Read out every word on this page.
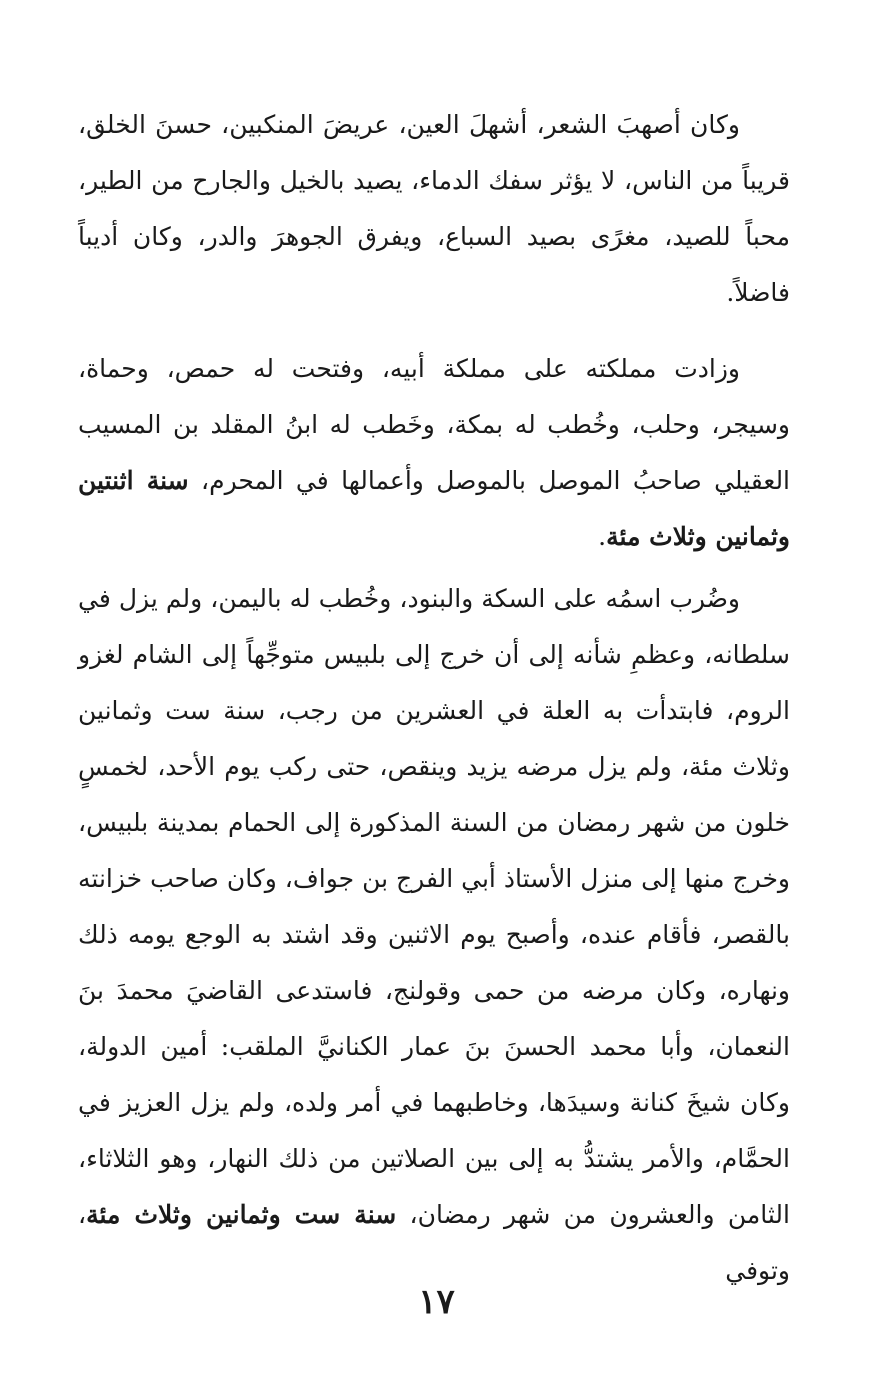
وكان أصهبَ الشعر، أشهلَ العين، عريضَ المنكبين، حسنَ الخلق، قريباً من الناس، لا يؤثر سفك الدماء، يصيد بالخيل والجارح من الطير، محباً للصيد، مغرًى بصيد السباع، ويفرق الجوهرَ والدر، وكان أديباً فاضلاً.

وزادت مملكته على مملكة أبيه، وفتحت له حمص، وحماة، وسيجر، وحلب، وخُطب له بمكة، وخَطب له ابنُ المقلد بن المسيب العقيلي صاحبُ الموصل بالموصل وأعمالها في المحرم، سنة اثنتين وثمانين وثلاث مئة.

وضُرب اسمُه على السكة والبنود، وخُطب له باليمن، ولم يزل في سلطانه، وعظمِ شأنه إلى أن خرج إلى بلبيس متوجِّهاً إلى الشام لغزو الروم، فابتدأت به العلة في العشرين من رجب، سنة ست وثمانين وثلاث مئة، ولم يزل مرضه يزيد وينقص، حتى ركب يوم الأحد، لخمسٍ خلون من شهر رمضان من السنة المذكورة إلى الحمام بمدينة بلبيس، وخرج منها إلى منزل الأستاذ أبي الفرج بن جواف، وكان صاحب خزانته بالقصر، فأقام عنده، وأصبح يوم الاثنين وقد اشتد به الوجع يومه ذلك ونهاره، وكان مرضه من حمى وقولنج، فاستدعى القاضيَ محمدَ بنَ النعمان، وأبا محمد الحسنَ بنَ عمار الكنانيَّ الملقب: أمين الدولة، وكان شيخَ كنانة وسيدَها، وخاطبهما في أمر ولده، ولم يزل العزيز في الحمَّام، والأمر يشتدُّ به إلى بين الصلاتين من ذلك النهار، وهو الثلاثاء، الثامن والعشرون من شهر رمضان، سنة ست وثمانين وثلاث مئة، وتوفي

١٧
